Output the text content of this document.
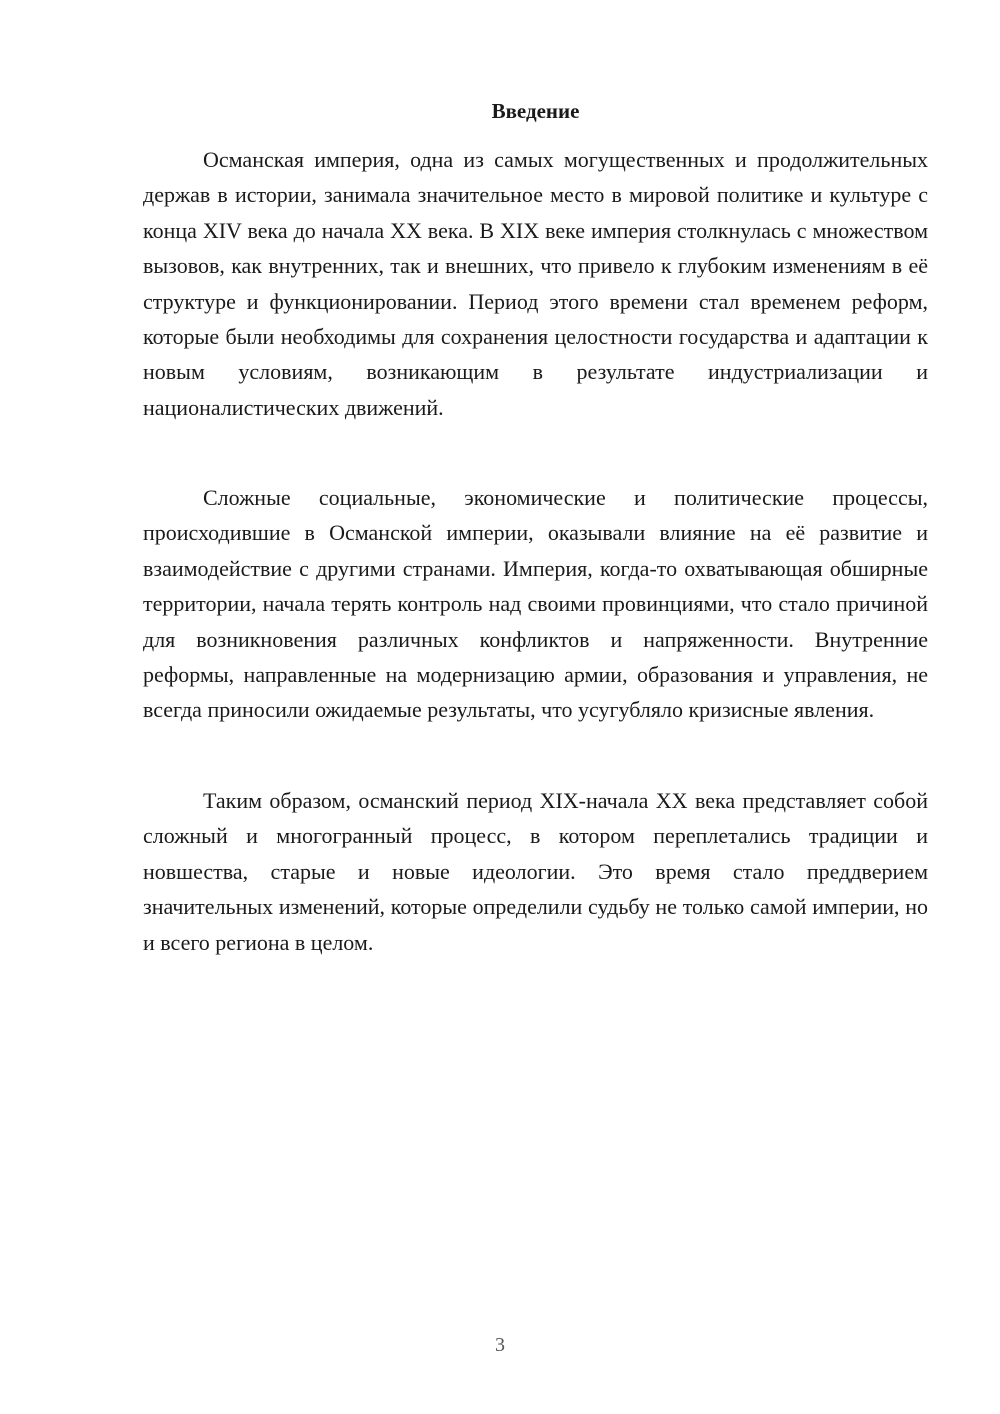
Введение

Османская империя, одна из самых могущественных и продолжительных держав в истории, занимала значительное место в мировой политике и культуре с конца XIV века до начала XX века. В XIX веке империя столкнулась с множеством вызовов, как внутренних, так и внешних, что привело к глубоким изменениям в её структуре и функционировании. Период этого времени стал временем реформ, которые были необходимы для сохранения целостности государства и адаптации к новым условиям, возникающим в результате индустриализации и националистических движений.

Сложные социальные, экономические и политические процессы, происходившие в Османской империи, оказывали влияние на её развитие и взаимодействие с другими странами. Империя, когда-то охватывающая обширные территории, начала терять контроль над своими провинциями, что стало причиной для возникновения различных конфликтов и напряженности. Внутренние реформы, направленные на модернизацию армии, образования и управления, не всегда приносили ожидаемые результаты, что усугубляло кризисные явления.

Таким образом, османский период XIX-начала XX века представляет собой сложный и многогранный процесс, в котором переплетались традиции и новшества, старые и новые идеологии. Это время стало преддверием значительных изменений, которые определили судьбу не только самой империи, но и всего региона в целом.

3
